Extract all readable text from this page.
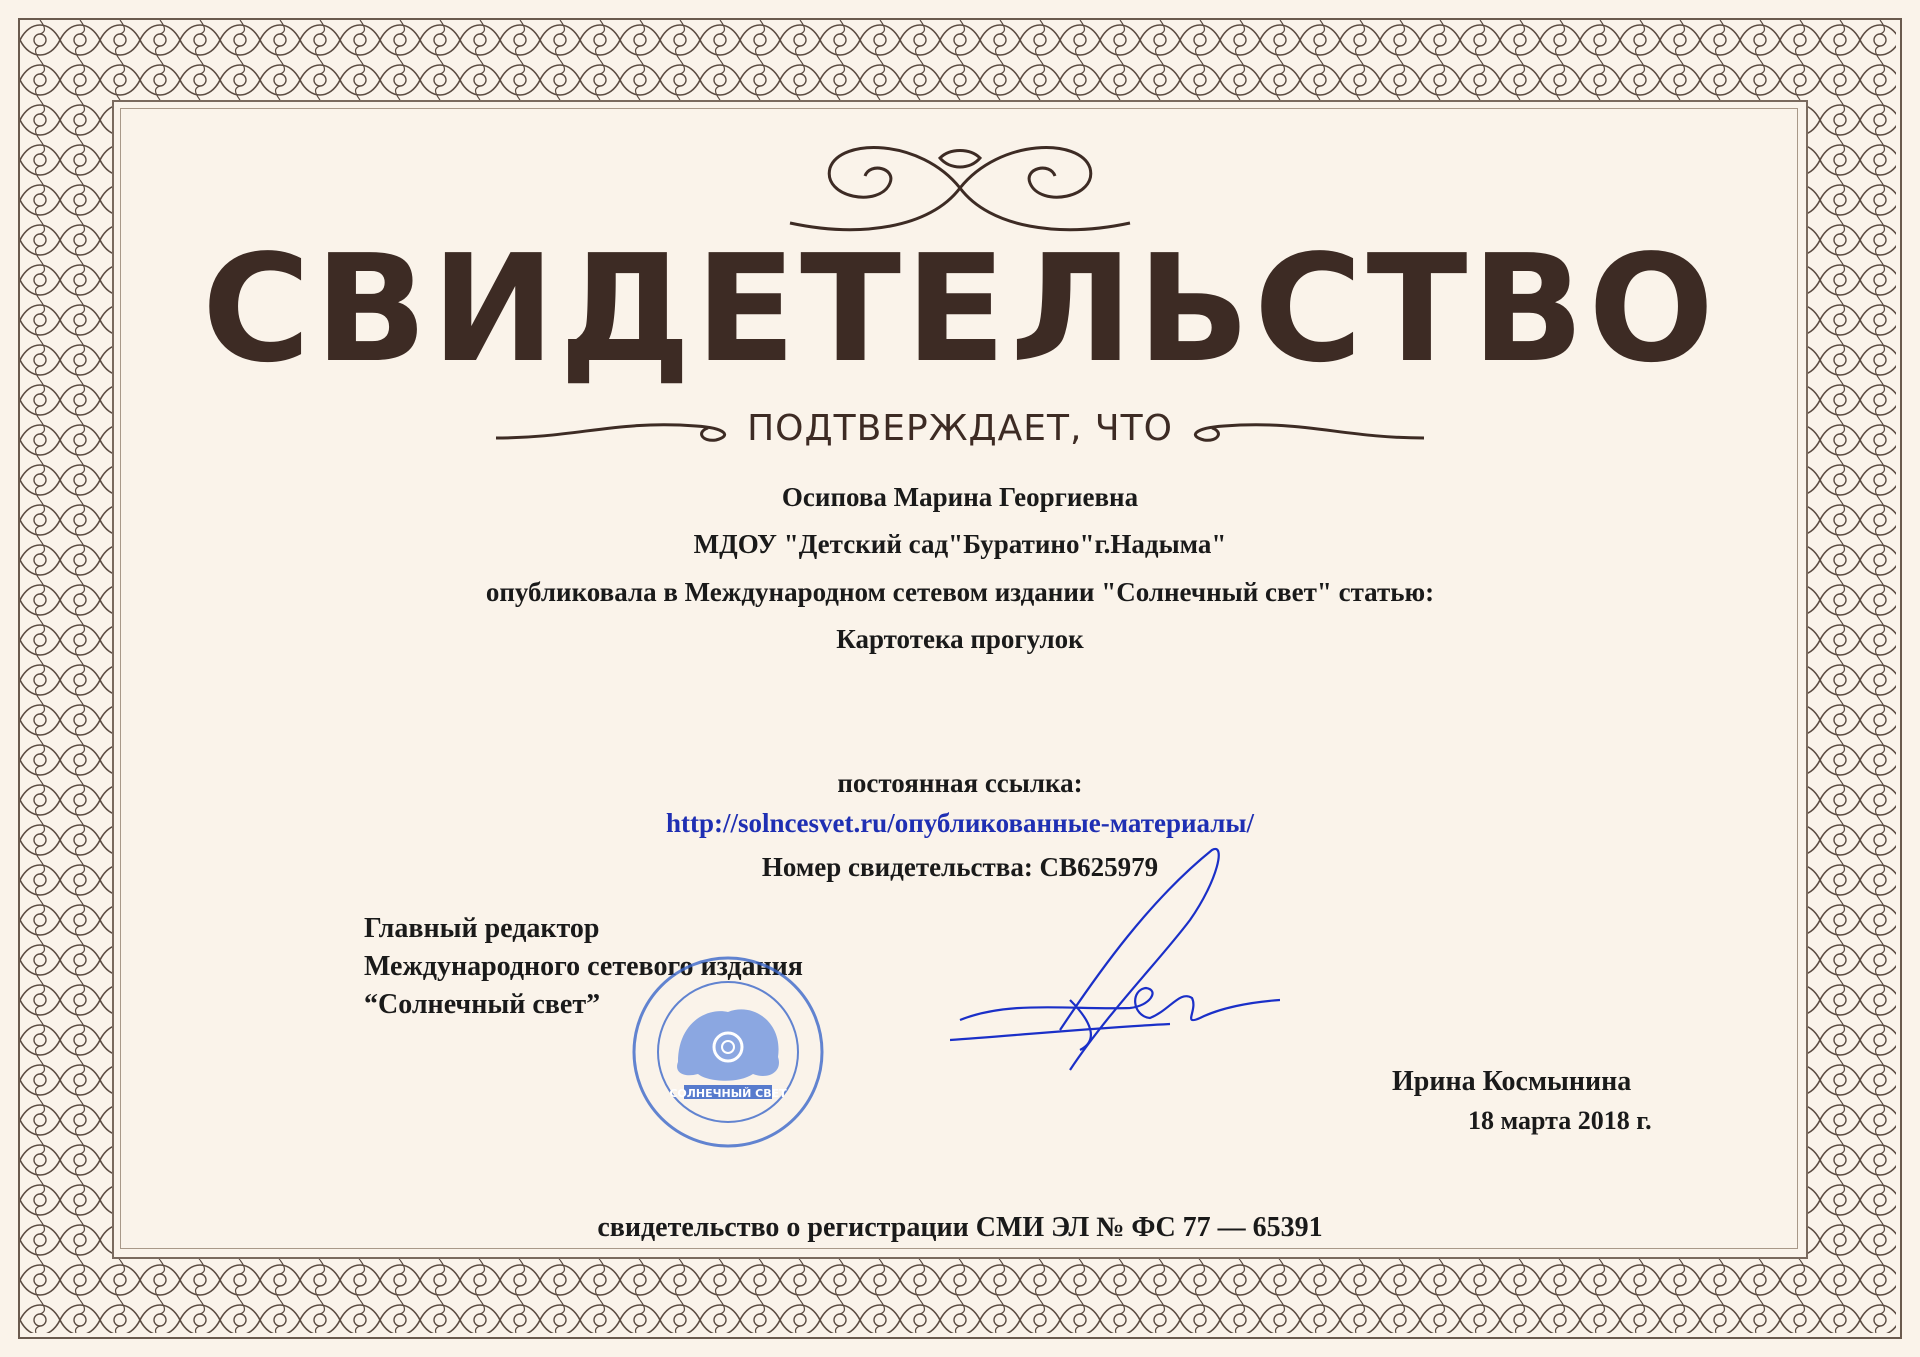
СВИДЕТЕЛЬСТВО
ПОДТВЕРЖДАЕТ, ЧТО
Осипова Марина Георгиевна
МДОУ "Детский сад"Буратино"г.Надыма"
опубликовала в Международном сетевом издании "Солнечный свет" статью:
Картотека прогулок
постоянная ссылка:
http://solncesvet.ru/опубликованные-материалы/
Номер свидетельства: СВ625979
Главный редактор
Международного сетевого издания
“Солнечный свет”
СОЛНЕЧНЫЙ СВЕТ	Ирина Космынина
18 марта 2018 г.
свидетельство о регистрации СМИ ЭЛ № ФС 77 — 65391
